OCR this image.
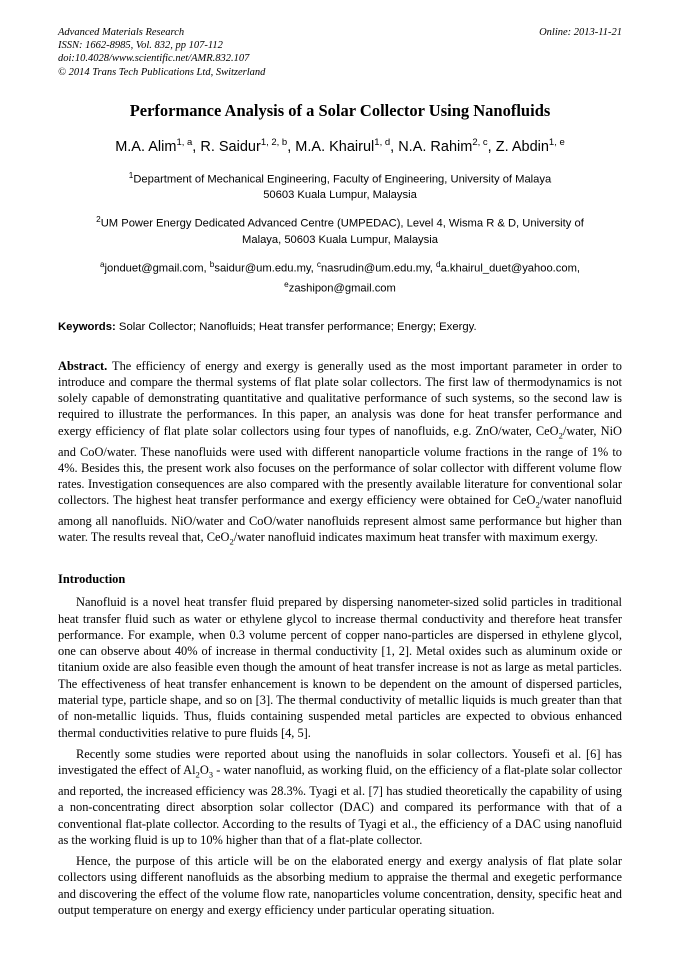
Advanced Materials Research	Online: 2013-11-21
ISSN: 1662-8985, Vol. 832, pp 107-112
doi:10.4028/www.scientific.net/AMR.832.107
© 2014 Trans Tech Publications Ltd, Switzerland
Performance Analysis of a Solar Collector Using Nanofluids
M.A. Alim$^{1, a}$, R. Saidur$^{1, 2, b}$, M.A. Khairul$^{1, d}$, N.A. Rahim$^{2, c}$, Z. Abdin$^{1, e}$
$^1$Department of Mechanical Engineering, Faculty of Engineering, University of Malaya
50603 Kuala Lumpur, Malaysia
$^2$UM Power Energy Dedicated Advanced Centre (UMPEDAC), Level 4, Wisma R & D, University of
Malaya, 50603 Kuala Lumpur, Malaysia
$^a$jonduet@gmail.com, $^b$saidur@um.edu.my, $^c$nasrudin@um.edu.my, $^d$a.khairul_duet@yahoo.com,
$^e$zashipon@gmail.com
Keywords: Solar Collector; Nanofluids; Heat transfer performance; Energy; Exergy.
Abstract. The efficiency of energy and exergy is generally used as the most important parameter in order to introduce and compare the thermal systems of flat plate solar collectors. The first law of thermodynamics is not solely capable of demonstrating quantitative and qualitative performance of such systems, so the second law is required to illustrate the performances. In this paper, an analysis was done for heat transfer performance and exergy efficiency of flat plate solar collectors using four types of nanofluids, e.g. ZnO/water, CeO$_2$/water, NiO and CoO/water. These nanofluids were used with different nanoparticle volume fractions in the range of 1% to 4%. Besides this, the present work also focuses on the performance of solar collector with different volume flow rates. Investigation consequences are also compared with the presently available literature for conventional solar collectors. The highest heat transfer performance and exergy efficiency were obtained for CeO$_2$/water nanofluid among all nanofluids. NiO/water and CoO/water nanofluids represent almost same performance but higher than water. The results reveal that, CeO$_2$/water nanofluid indicates maximum heat transfer with maximum exergy.
Introduction
Nanofluid is a novel heat transfer fluid prepared by dispersing nanometer-sized solid particles in traditional heat transfer fluid such as water or ethylene glycol to increase thermal conductivity and therefore heat transfer performance. For example, when 0.3 volume percent of copper nano-particles are dispersed in ethylene glycol, one can observe about 40% of increase in thermal conductivity [1, 2]. Metal oxides such as aluminum oxide or titanium oxide are also feasible even though the amount of heat transfer increase is not as large as metal particles. The effectiveness of heat transfer enhancement is known to be dependent on the amount of dispersed particles, material type, particle shape, and so on [3]. The thermal conductivity of metallic liquids is much greater than that of non-metallic liquids. Thus, fluids containing suspended metal particles are expected to obvious enhanced thermal conductivities relative to pure fluids [4, 5].
Recently some studies were reported about using the nanofluids in solar collectors. Yousefi et al. [6] has investigated the effect of $Al_2O_3$ - water nanofluid, as working fluid, on the efficiency of a flat-plate solar collector and reported, the increased efficiency was 28.3%. Tyagi et al. [7] has studied theoretically the capability of using a non-concentrating direct absorption solar collector (DAC) and compared its performance with that of a conventional flat-plate collector. According to the results of Tyagi et al., the efficiency of a DAC using nanofluid as the working fluid is up to 10% higher than that of a flat-plate collector.
Hence, the purpose of this article will be on the elaborated energy and exergy analysis of flat plate solar collectors using different nanofluids as the absorbing medium to appraise the thermal and exegetic performance and discovering the effect of the volume flow rate, nanoparticles volume concentration, density, specific heat and output temperature on energy and exergy efficiency under particular operating situation.
